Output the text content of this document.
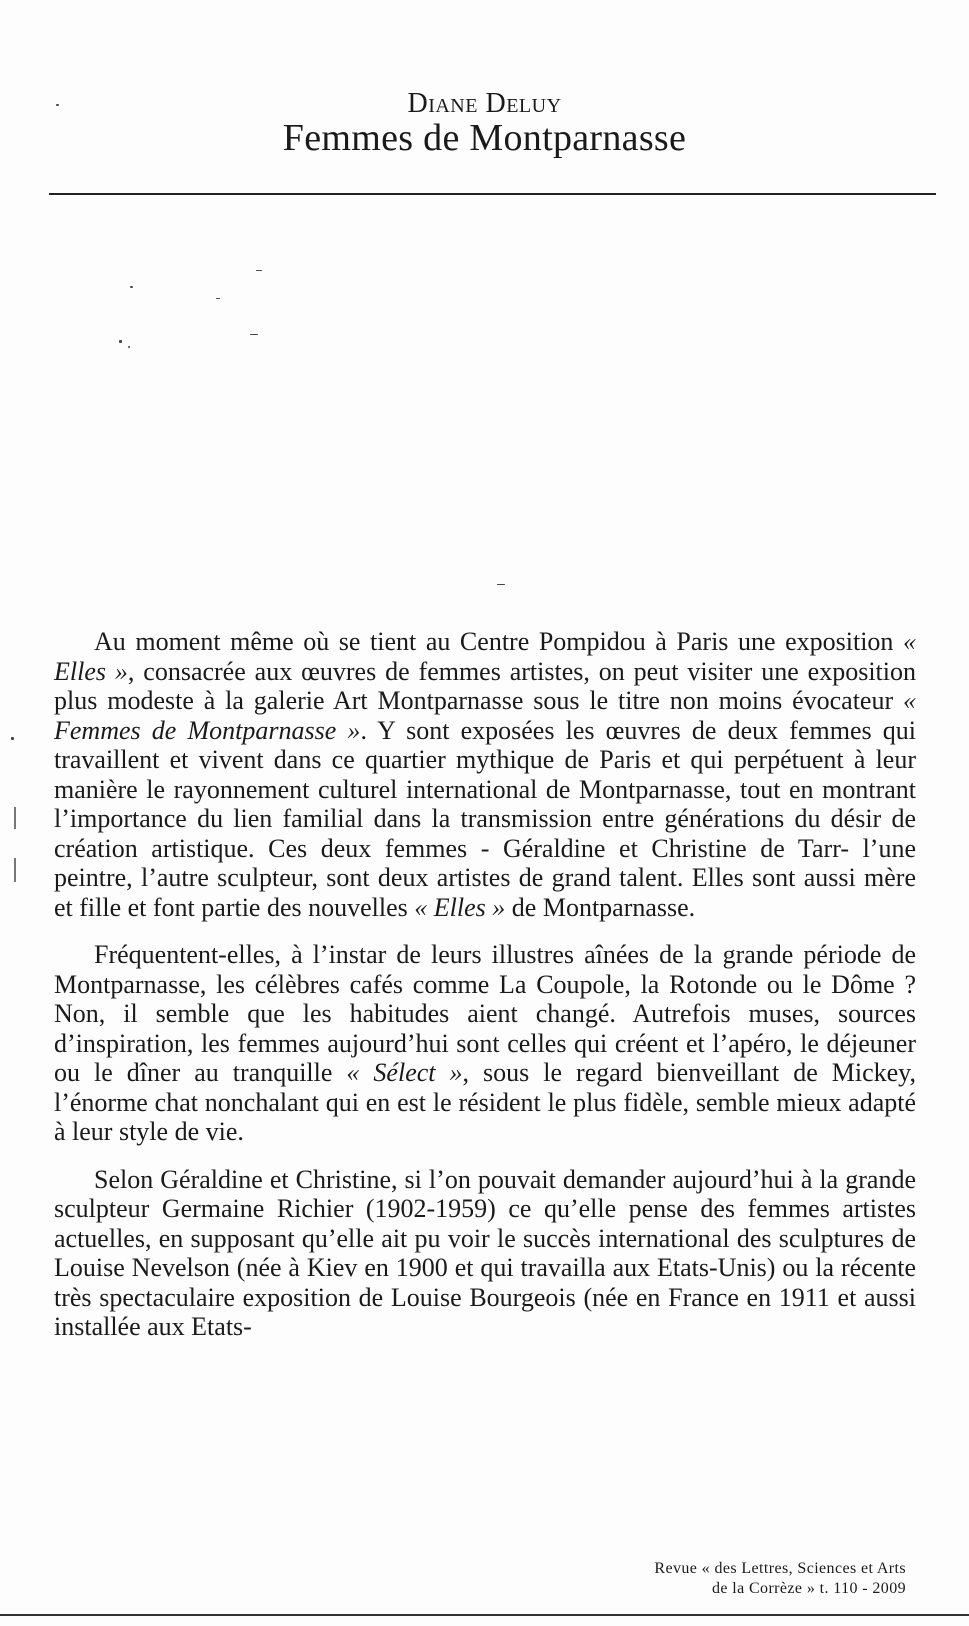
Diane Deluy
Femmes de Montparnasse

Au moment même où se tient au Centre Pompidou à Paris une exposition « Elles », consacrée aux œuvres de femmes artistes, on peut visiter une exposition plus modeste à la galerie Art Montparnasse sous le titre non moins évocateur « Femmes de Montparnasse ». Y sont exposées les œuvres de deux femmes qui travaillent et vivent dans ce quartier mythique de Paris et qui perpétuent à leur manière le rayonnement culturel international de Montparnasse, tout en montrant l’importance du lien familial dans la transmission entre générations du désir de création artistique. Ces deux femmes - Géraldine et Christine de Tarr- l’une peintre, l’autre sculpteur, sont deux artistes de grand talent. Elles sont aussi mère et fille et font partie des nouvelles « Elles » de Montparnasse.

Fréquentent-elles, à l’instar de leurs illustres aînées de la grande période de Montparnasse, les célèbres cafés comme La Coupole, la Rotonde ou le Dôme ? Non, il semble que les habitudes aient changé. Autrefois muses, sources d’inspiration, les femmes aujourd’hui sont celles qui créent et l’apéro, le déjeuner ou le dîner au tranquille « Sélect », sous le regard bienveillant de Mickey, l’énorme chat nonchalant qui en est le résident le plus fidèle, semble mieux adapté à leur style de vie.

Selon Géraldine et Christine, si l’on pouvait demander aujourd’hui à la grande sculpteur Germaine Richier (1902-1959) ce qu’elle pense des femmes artistes actuelles, en supposant qu’elle ait pu voir le succès international des sculptures de Louise Nevelson (née à Kiev en 1900 et qui travailla aux Etats-Unis) ou la récente très spectaculaire exposition de Louise Bourgeois (née en France en 1911 et aussi installée aux Etats-

Revue « des Lettres, Sciences et Arts
de la Corrèze » t. 110 - 2009
